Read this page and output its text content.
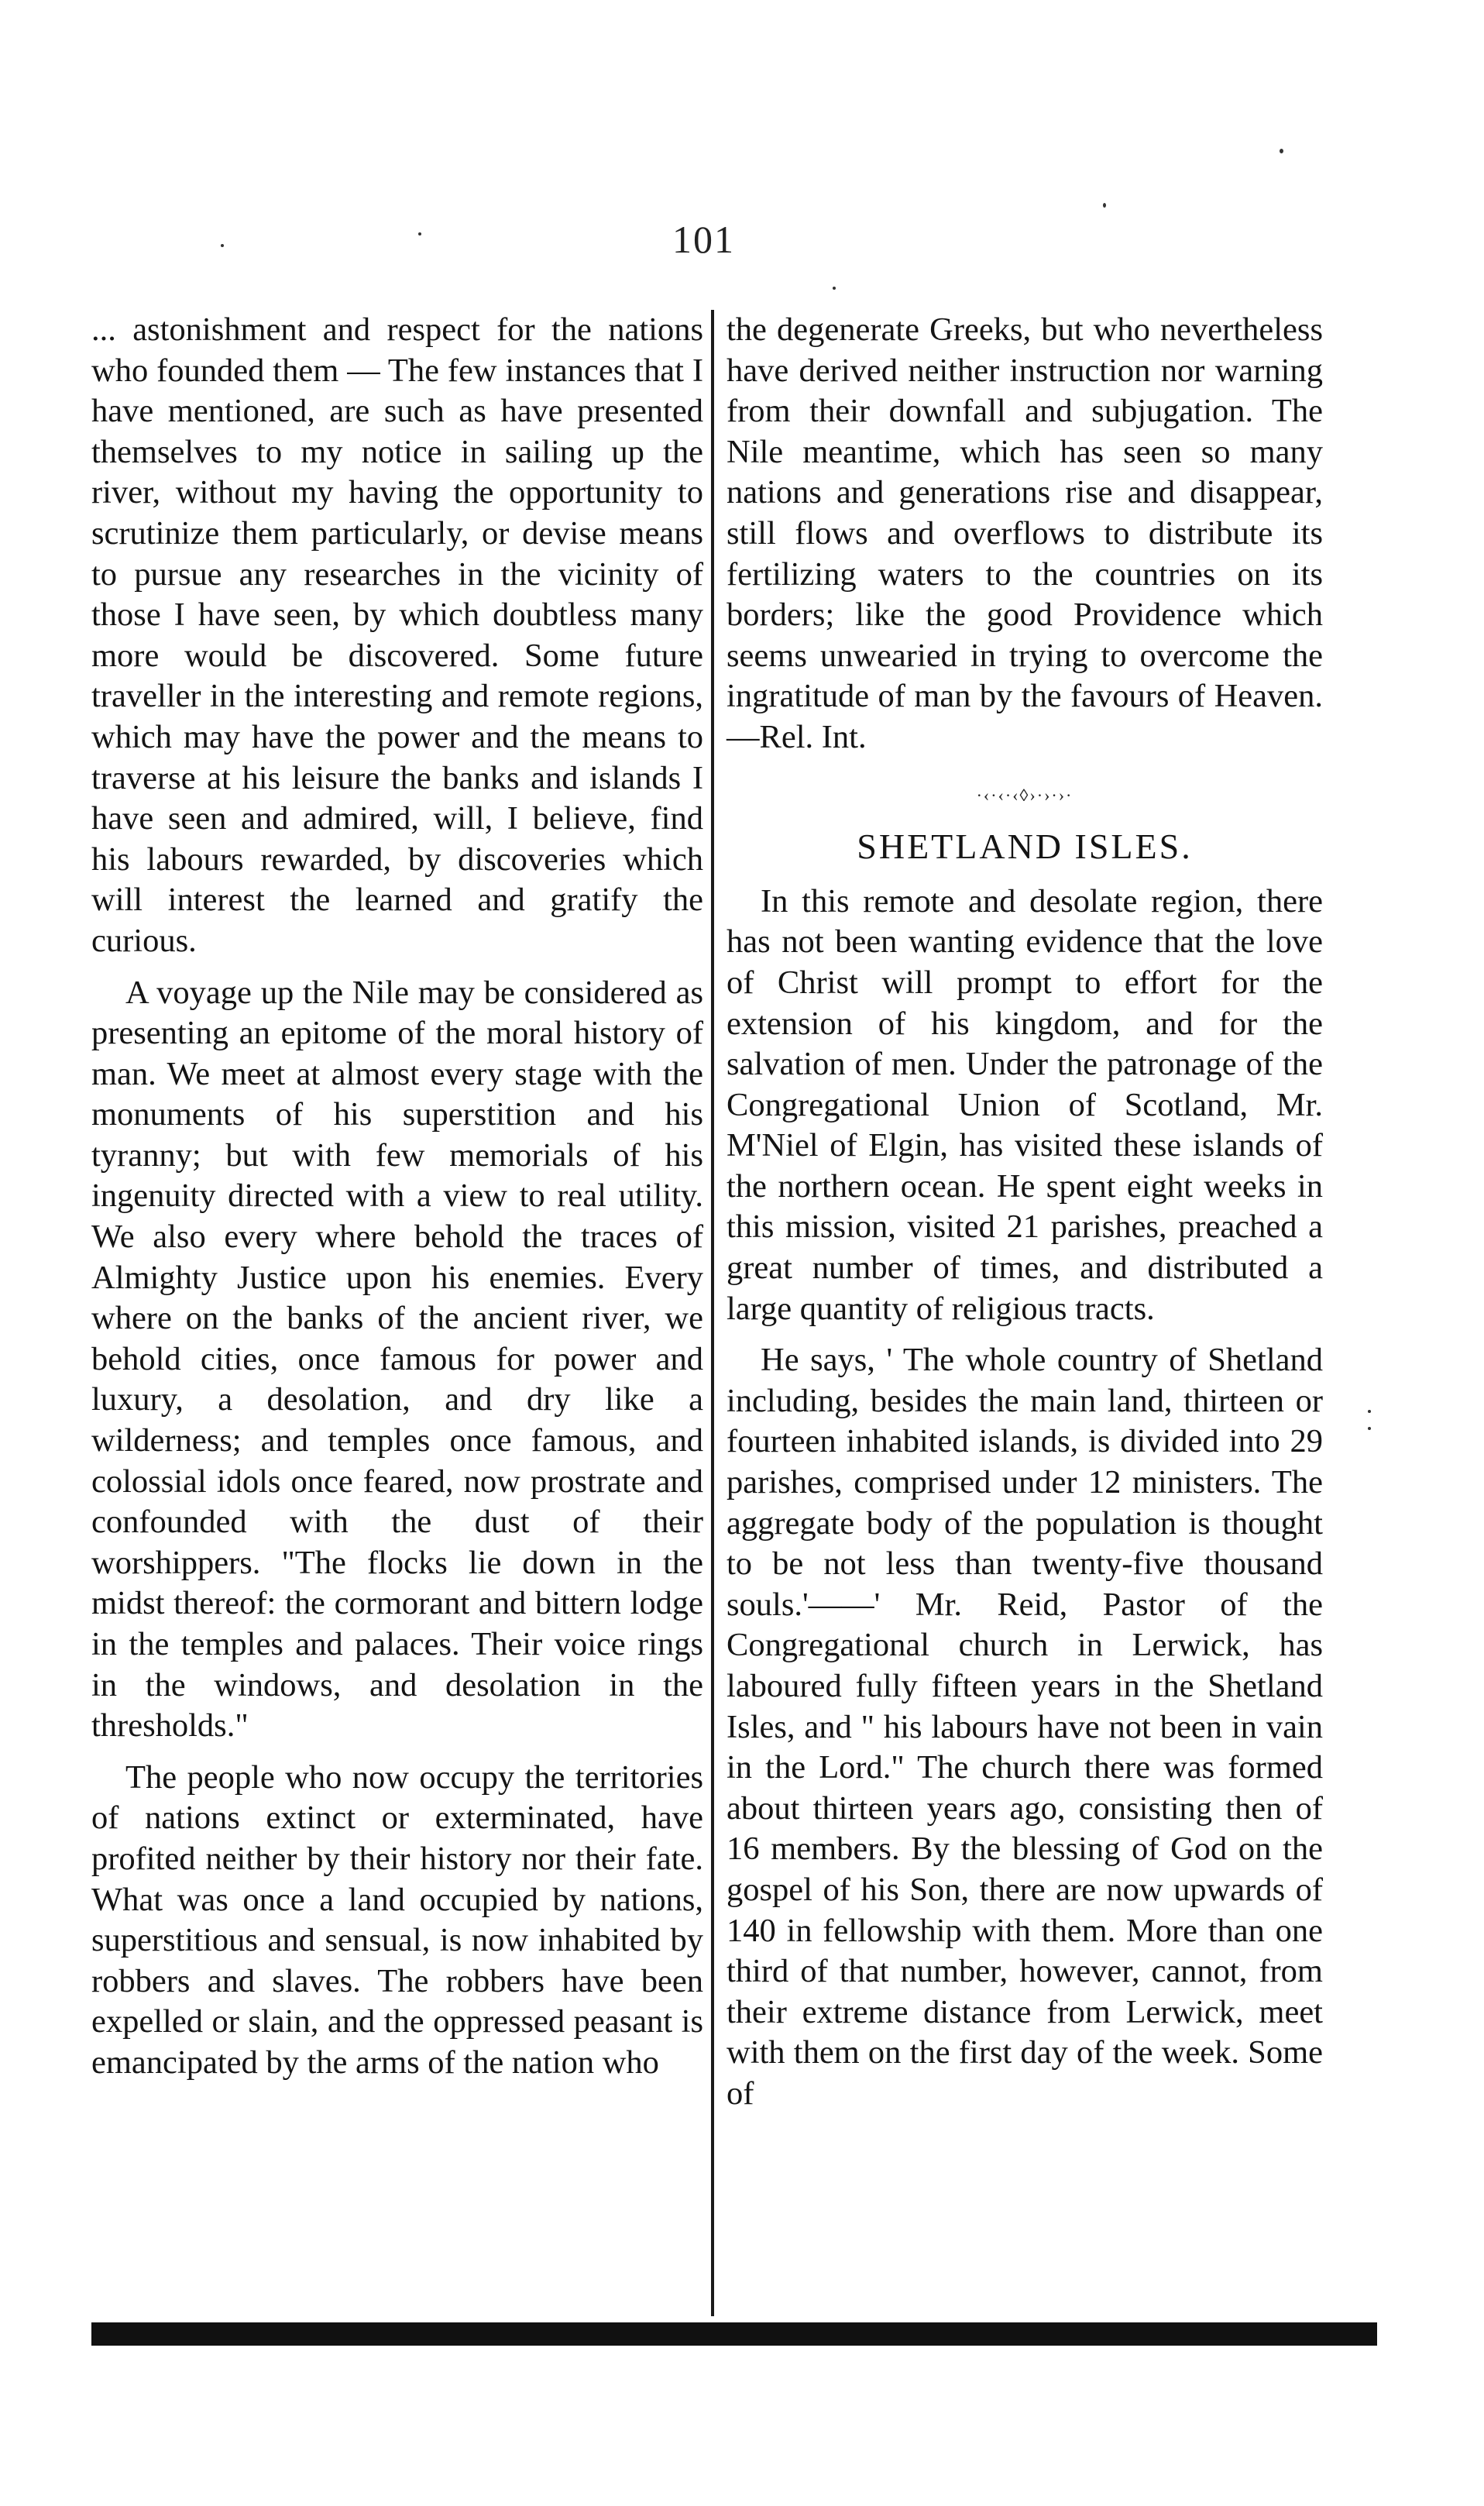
101

... astonishment and respect for the nations who founded them — The few instances that I have mentioned, are such as have presented themselves to my notice in sailing up the river, without my having the opportunity to scrutinize them particularly, or devise means to pursue any researches in the vicinity of those I have seen, by which doubtless many more would be discovered. Some future traveller in the interesting and remote regions, which may have the power and the means to traverse at his leisure the banks and islands I have seen and admired, will, I believe, find his labours rewarded, by discoveries which will interest the learned and gratify the curious.

A voyage up the Nile may be considered as presenting an epitome of the moral history of man. We meet at almost every stage with the monuments of his superstition and his tyranny; but with few memorials of his ingenuity directed with a view to real utility. We also every where behold the traces of Almighty Justice upon his enemies. Every where on the banks of the ancient river, we behold cities, once famous for power and luxury, a desolation, and dry like a wilderness; and temples once famous, and colossial idols once feared, now prostrate and confounded with the dust of their worshippers. "The flocks lie down in the midst thereof: the cormorant and bittern lodge in the temples and palaces. Their voice rings in the windows, and desolation in the thresholds."

The people who now occupy the territories of nations extinct or exterminated, have profited neither by their history nor their fate. What was once a land occupied by nations, superstitious and sensual, is now inhabited by robbers and slaves. The robbers have been expelled or slain, and the oppressed peasant is emancipated by the arms of the nation who

the degenerate Greeks, but who nevertheless have derived neither instruction nor warning from their downfall and subjugation. The Nile meantime, which has seen so many nations and generations rise and disappear, still flows and overflows to distribute its fertilizing waters to the countries on its borders; like the good Providence which seems unwearied in trying to overcome the ingratitude of man by the favours of Heaven.—Rel. Int.

·‹·‹·‹◊›·›·›·
SHETLAND ISLES.

In this remote and desolate region, there has not been wanting evidence that the love of Christ will prompt to effort for the extension of his kingdom, and for the salvation of men. Under the patronage of the Congregational Union of Scotland, Mr. M'Niel of Elgin, has visited these islands of the northern ocean. He spent eight weeks in this mission, visited 21 parishes, preached a great number of times, and distributed a large quantity of religious tracts.

He says, ' The whole country of Shetland including, besides the main land, thirteen or fourteen inhabited islands, is divided into 29 parishes, comprised under 12 ministers. The aggregate body of the population is thought to be not less than twenty-five thousand souls.'——' Mr. Reid, Pastor of the Congregational church in Lerwick, has laboured fully fifteen years in the Shetland Isles, and " his labours have not been in vain in the Lord." The church there was formed about thirteen years ago, consisting then of 16 members. By the blessing of God on the gospel of his Son, there are now upwards of 140 in fellowship with them. More than one third of that number, however, cannot, from their extreme distance from Lerwick, meet with them on the first day of the week. Some of
